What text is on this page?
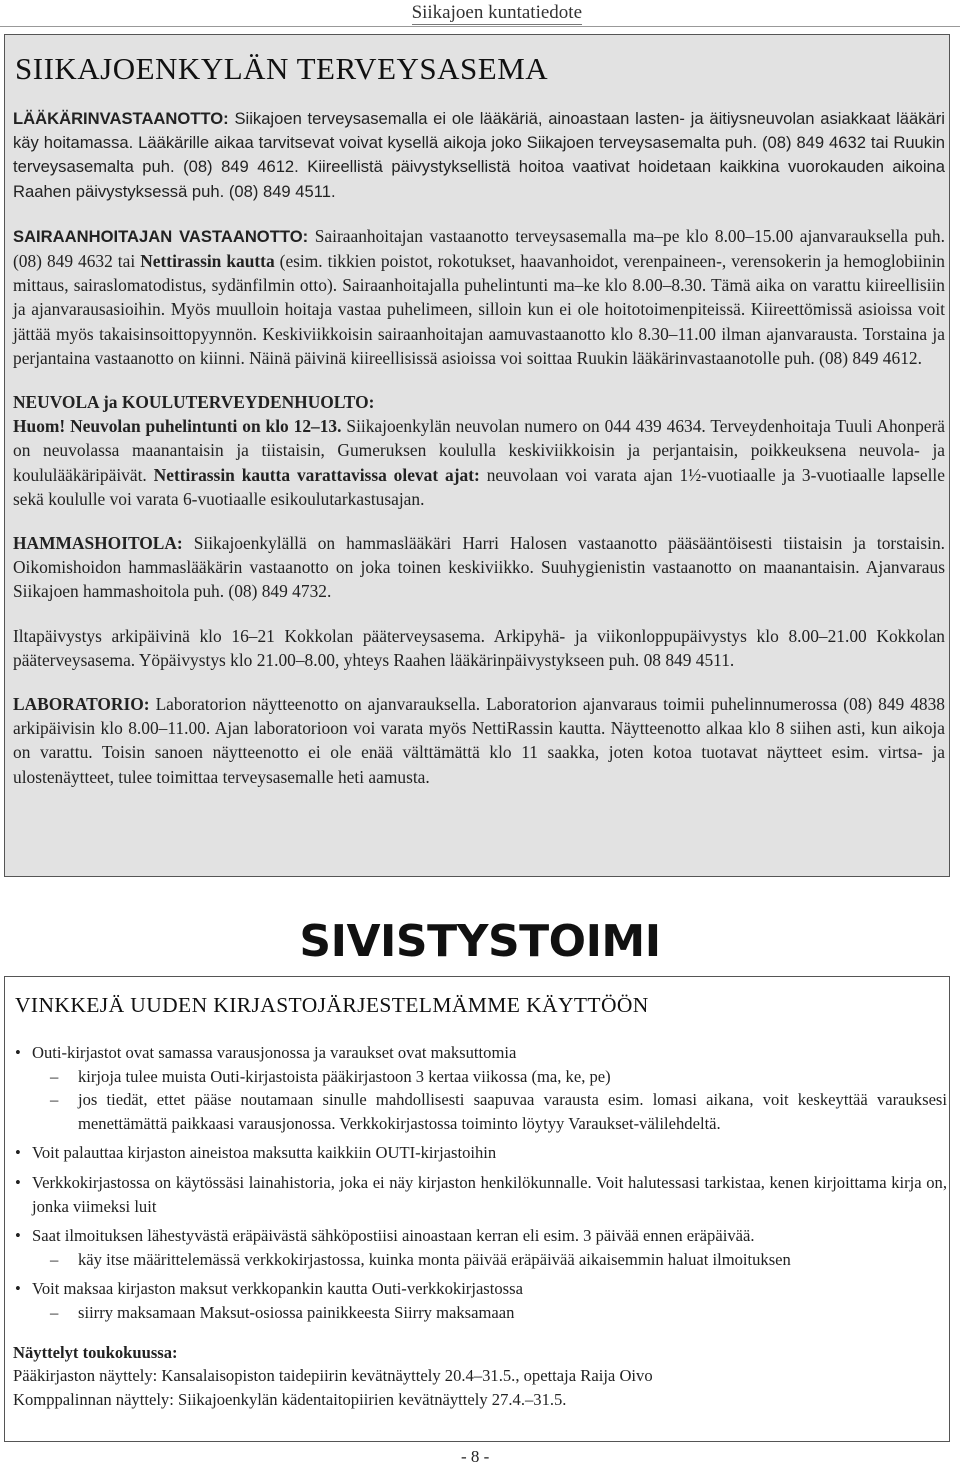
Siikajoen kuntatiedote
SIIKAJOENKYLÄN TERVEYSASEMA

LÄÄKÄRINVASTAANOTTO: Siikajoen terveysasemalla ei ole lääkäriä, ainoastaan lasten- ja äitiysneuvolan asiakkaat lääkäri käy hoitamassa. Lääkärille aikaa tarvitsevat voivat kysellä aikoja joko Siikajoen terveysasemalta puh. (08) 849 4632 tai Ruukin terveysasemalta puh. (08) 849 4612. Kiireellistä päivystyksellistä hoitoa vaativat hoidetaan kaikkina vuorokauden aikoina Raahen päivystyksessä puh. (08) 849 4511.

SAIRAANHOITAJAN VASTAANOTTO: Sairaanhoitajan vastaanotto terveysasemalla ma–pe klo 8.00–15.00 ajanvarauksella puh. (08) 849 4632 tai Nettirassin kautta (esim. tikkien poistot, rokotukset, haavanhoidot, verenpaineen-, verensokerin ja hemoglobiinin mittaus, sairaslomatodistus, sydänfilmin otto). Sairaanhoitajalla puhelintunti ma–ke klo 8.00–8.30. Tämä aika on varattu kiireellisiin ja ajanvarausasioihin. Myös muulloin hoitaja vastaa puhelimeen, silloin kun ei ole hoitotoimenpiteissä. Kiireettömissä asioissa voit jättää myös takaisinsoittopyynnön. Keskiviikkoisin sairaanhoitajan aamuvastaanotto klo 8.30–11.00 ilman ajanvarausta. Torstaina ja perjantaina vastaanotto on kiinni. Näinä päivinä kiireellisissä asioissa voi soittaa Ruukin lääkärinvastaanotolle puh. (08) 849 4612.

NEUVOLA ja KOULUTERVEYDENHUOLTO:
Huom! Neuvolan puhelintunti on klo 12–13. Siikajoenkylän neuvolan numero on 044 439 4634. Terveydenhoitaja Tuuli Ahonperä on neuvolassa maanantaisin ja tiistaisin, Gumeruksen koululla keskiviikkoisin ja perjantaisin, poikkeuksena neuvola- ja koululääkäripäivät. Nettirassin kautta varattavissa olevat ajat: neuvolaan voi varata ajan 1½-vuotiaalle ja 3-vuotiaalle lapselle sekä koululle voi varata 6-vuotiaalle esikoulutarkastusajan.

HAMMASHOITOLA: Siikajoenkylällä on hammaslääkäri Harri Halosen vastaanotto pääsääntöisesti tiistaisin ja torstaisin. Oikomishoidon hammaslääkärin vastaanotto on joka toinen keskiviikko. Suuhygienistin vastaanotto on maanantaisin. Ajanvaraus Siikajoen hammashoitola puh. (08) 849 4732.

Iltapäivystys arkipäivinä klo 16–21 Kokkolan pääterveysasema. Arkipyhä- ja viikonloppupäivystys klo 8.00–21.00 Kokkolan pääterveysasema. Yöpäivystys klo 21.00–8.00, yhteys Raahen lääkärinpäivystykseen puh. 08 849 4511.

LABORATORIO: Laboratorion näytteenotto on ajanvarauksella. Laboratorion ajanvaraus toimii puhelinnumerossa (08) 849 4838 arkipäivisin klo 8.00–11.00. Ajan laboratorioon voi varata myös NettiRassin kautta. Näytteenotto alkaa klo 8 siihen asti, kun aikoja on varattu. Toisin sanoen näytteenotto ei ole enää välttämättä klo 11 saakka, joten kotoa tuotavat näytteet esim. virtsa- ja ulostenäytteet, tulee toimittaa terveysasemalle heti aamusta.

SIVISTYSTOIMI
VINKKEJÄ UUDEN KIRJASTOJÄRJESTELMÄMME KÄYTTÖÖN
• Outi-kirjastot ovat samassa varausjonossa ja varaukset ovat maksuttomia
– kirjoja tulee muista Outi-kirjastoista pääkirjastoon 3 kertaa viikossa (ma, ke, pe)
– jos tiedät, ettet pääse noutamaan sinulle mahdollisesti saapuvaa varausta esim. lomasi aikana, voit keskeyttää varauksesi menettämättä paikkaasi varausjonossa. Verkkokirjastossa toiminto löytyy Varaukset-välilehdeltä.
• Voit palauttaa kirjaston aineistoa maksutta kaikkiin OUTI-kirjastoihin
• Verkkokirjastossa on käytössäsi lainahistoria, joka ei näy kirjaston henkilökunnalle. Voit halutessasi tarkistaa, kenen kirjoittama kirja on, jonka viimeksi luit
• Saat ilmoituksen lähestyvästä eräpäivästä sähköpostiisi ainoastaan kerran eli esim. 3 päivää ennen eräpäivää.
– käy itse määrittelemässä verkkokirjastossa, kuinka monta päivää eräpäivää aikaisemmin haluat ilmoituksen
• Voit maksaa kirjaston maksut verkkopankin kautta Outi-verkkokirjastossa
– siirry maksamaan Maksut-osiossa painikkeesta Siirry maksamaan
Näyttelyt toukokuussa:
Pääkirjaston näyttely: Kansalaisopiston taidepiirin kevätnäyttely 20.4–31.5., opettaja Raija Oivo
Komppalinnan näyttely: Siikajoenkylän kädentaitopiirien kevätnäyttely 27.4.–31.5.
- 8 -
